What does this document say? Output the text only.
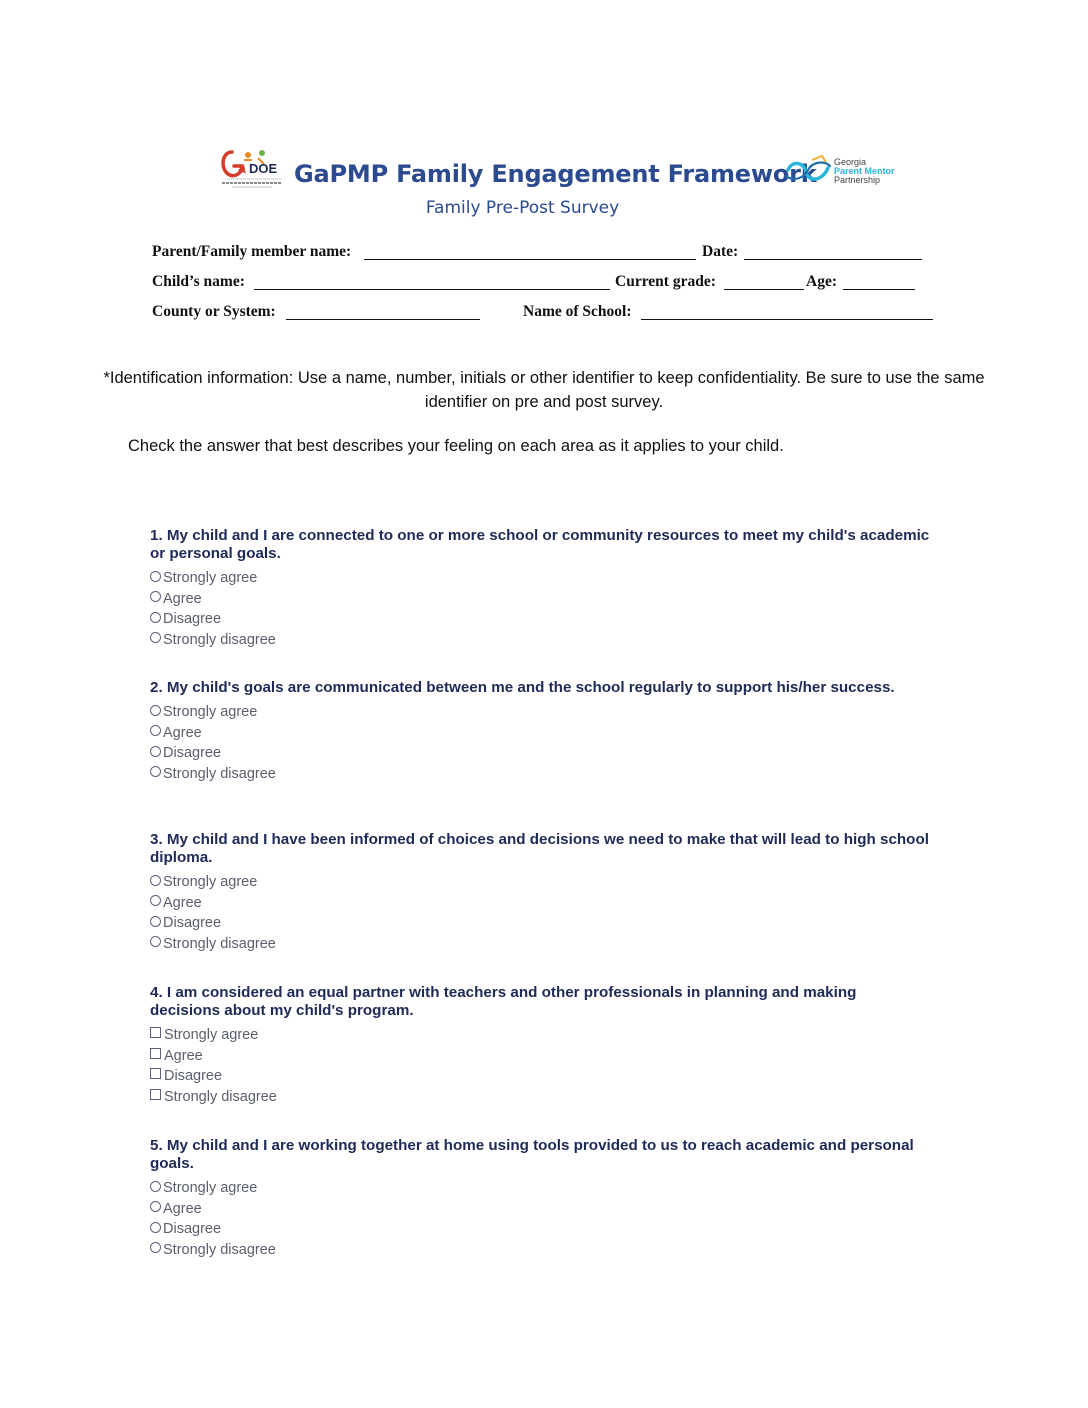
a DOE GaPMP Family Engagement Framework Georgia
Parent Mentor
Partnership
Family Pre-Post Survey
Parent/Family member name:	Date:
Child’s name:	Current grade:	Age:
County or System:	Name of School:
*Identification information: Use a name, number, initials or other identifier to keep confidentiality. Be sure to use the same identifier on pre and post survey.
Check the answer that best describes your feeling on each area as it applies to your child.
1. My child and I are connected to one or more school or community resources to meet my child's academic or personal goals.
Strongly agree
Agree
Disagree
Strongly disagree
2. My child's goals are communicated between me and the school regularly to support his/her success.
Strongly agree
Agree
Disagree
Strongly disagree
3. My child and I have been informed of choices and decisions we need to make that will lead to high school diploma.
Strongly agree
Agree
Disagree
Strongly disagree
4. I am considered an equal partner with teachers and other professionals in planning and making decisions about my child's program.
Strongly agree
Agree
Disagree
Strongly disagree
5. My child and I are working together at home using tools provided to us to reach academic and personal goals.
Strongly agree
Agree
Disagree
Strongly disagree
